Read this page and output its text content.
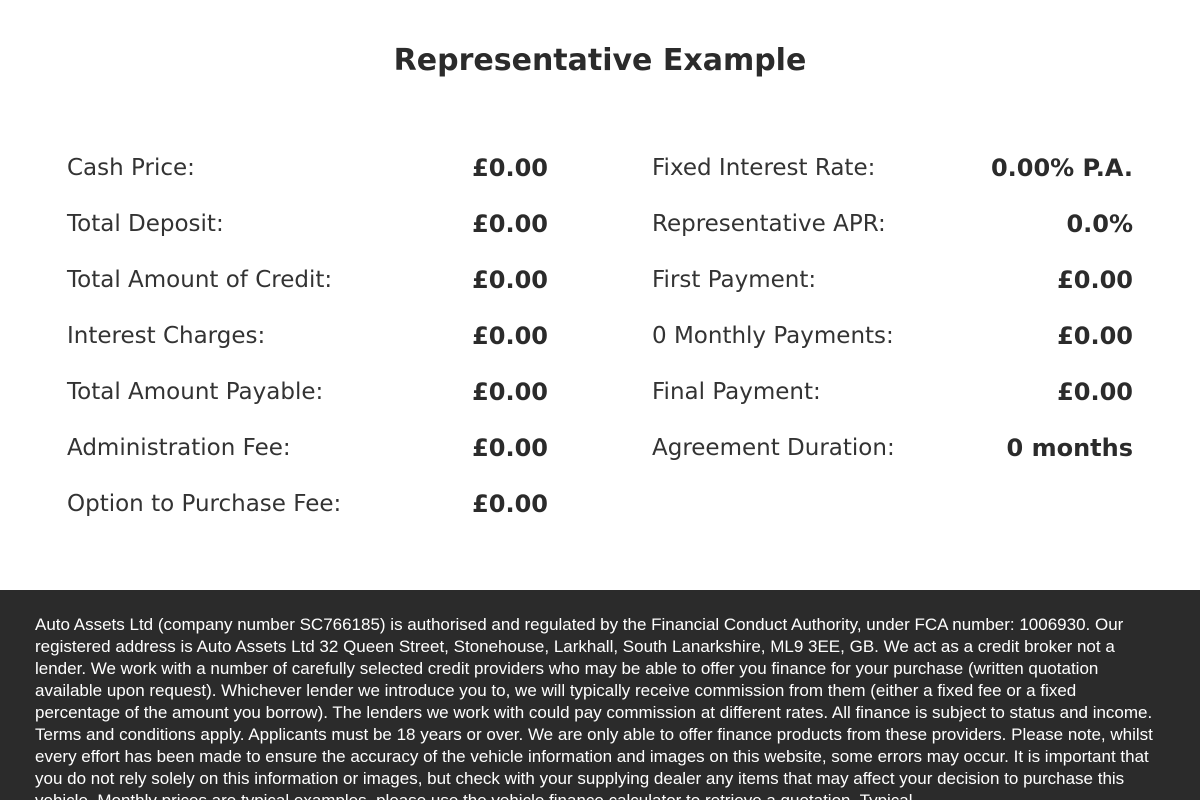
Representative Example
Cash Price:	£0.00
Total Deposit:	£0.00
Total Amount of Credit:	£0.00
Interest Charges:	£0.00
Total Amount Payable:	£0.00
Administration Fee:	£0.00
Option to Purchase Fee:	£0.00
Fixed Interest Rate:	0.00% P.A.
Representative APR:	0.0%
First Payment:	£0.00
0 Monthly Payments:	£0.00
Final Payment:	£0.00
Agreement Duration:	0 months

Auto Assets Ltd (company number SC766185) is authorised and regulated by the Financial Conduct Authority, under FCA number: 1006930. Our registered address is Auto Assets Ltd 32 Queen Street, Stonehouse, Larkhall, South Lanarkshire, ML9 3EE, GB. We act as a credit broker not a lender. We work with a number of carefully selected credit providers who may be able to offer you finance for your purchase (written quotation available upon request). Whichever lender we introduce you to, we will typically receive commission from them (either a fixed fee or a fixed percentage of the amount you borrow). The lenders we work with could pay commission at different rates. All finance is subject to status and income. Terms and conditions apply. Applicants must be 18 years or over. We are only able to offer finance products from these providers. Please note, whilst every effort has been made to ensure the accuracy of the vehicle information and images on this website, some errors may occur. It is important that you do not rely solely on this information or images, but check with your supplying dealer any items that may affect your decision to purchase this vehicle. Monthly prices are typical examples, please use the vehicle finance calculator to retrieve a quotation. Typical
